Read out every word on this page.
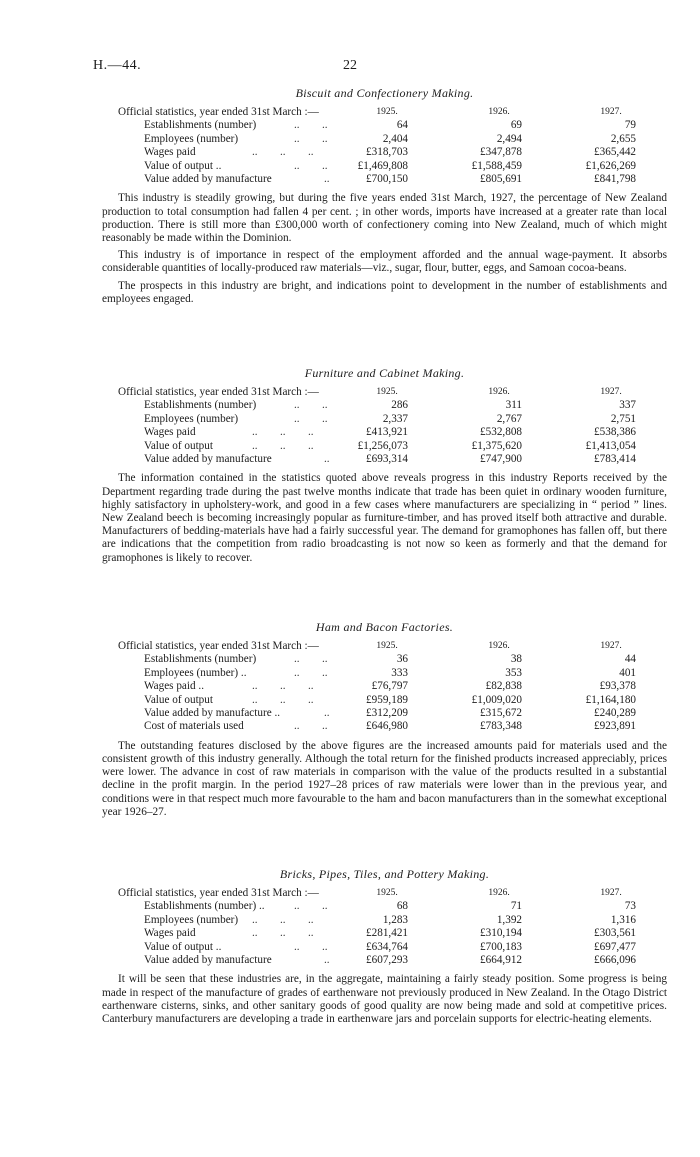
H.—44.	22
Biscuit and Confectionery Making.
Official statistics, year ended 31st March :—	1925.	1926.	1927.
Establishments (number)	..        ..	64	69	79
Employees (number)	..        ..	2,404	2,494	2,655
Wages paid	..        ..        ..	£318,703	£347,878	£365,442
Value of output ..	..        ..	£1,469,808	£1,588,459	£1,626,269
Value added by manufacture	..	£700,150	£805,691	£841,798

This industry is steadily growing, but during the five years ended 31st March, 1927, the percentage of New Zealand production to total consumption had fallen 4 per cent. ; in other words, imports have increased at a greater rate than local production. There is still more than £300,000 worth of confectionery coming into New Zealand, much of which might reasonably be made within the Dominion.

This industry is of importance in respect of the employment afforded and the annual wage-payment. It absorbs considerable quantities of locally-produced raw materials—viz., sugar, flour, butter, eggs, and Samoan cocoa-beans.

The prospects in this industry are bright, and indications point to development in the number of establishments and employees engaged.

Furniture and Cabinet Making.
Official statistics, year ended 31st March :—	1925.	1926.	1927.
Establishments (number)	..        ..	286	311	337
Employees (number)	..        ..	2,337	2,767	2,751
Wages paid	..        ..        ..	£413,921	£532,808	£538,386
Value of output	..        ..        ..	£1,256,073	£1,375,620	£1,413,054
Value added by manufacture	..	£693,314	£747,900	£783,414

The information contained in the statistics quoted above reveals progress in this industry Reports received by the Department regarding trade during the past twelve months indicate that trade has been quiet in ordinary wooden furniture, highly satisfactory in upholstery-work, and good in a few cases where manufacturers are specializing in “ period ” lines. New Zealand beech is becoming increasingly popular as furniture-timber, and has proved itself both attractive and durable. Manufacturers of bedding-materials have had a fairly successful year. The demand for gramophones has fallen off, but there are indications that the competition from radio broadcasting is not now so keen as formerly and that the demand for gramophones is likely to recover.

Ham and Bacon Factories.
Official statistics, year ended 31st March :—	1925.	1926.	1927.
Establishments (number)	..        ..	36	38	44
Employees (number) ..	..        ..	333	353	401
Wages paid ..	..        ..        ..	£76,797	£82,838	£93,378
Value of output	..        ..        ..	£959,189	£1,009,020	£1,164,180
Value added by manufacture ..	..	£312,209	£315,672	£240,289
Cost of materials used	..        ..	£646,980	£783,348	£923,891

The outstanding features disclosed by the above figures are the increased amounts paid for materials used and the consistent growth of this industry generally. Although the total return for the finished products increased appreciably, prices were lower. The advance in cost of raw materials in comparison with the value of the products resulted in a substantial decline in the profit margin. In the period 1927–28 prices of raw materials were lower than in the previous year, and conditions were in that respect much more favourable to the ham and bacon manufacturers than in the somewhat exceptional year 1926–27.

Bricks, Pipes, Tiles, and Pottery Making.
Official statistics, year ended 31st March :—	1925.	1926.	1927.
Establishments (number) ..	..        ..	68	71	73
Employees (number) ..        ..        ..	1,283	1,392	1,316
Wages paid	..        ..        ..	£281,421	£310,194	£303,561
Value of output ..	..        ..	£634,764	£700,183	£697,477
Value added by manufacture	..	£607,293	£664,912	£666,096

It will be seen that these industries are, in the aggregate, maintaining a fairly steady position. Some progress is being made in respect of the manufacture of grades of earthenware not previously produced in New Zealand. In the Otago District earthenware cisterns, sinks, and other sanitary goods of good quality are now being made and sold at competitive prices. Canterbury manufacturers are developing a trade in earthenware jars and porcelain supports for electric-heating elements.
